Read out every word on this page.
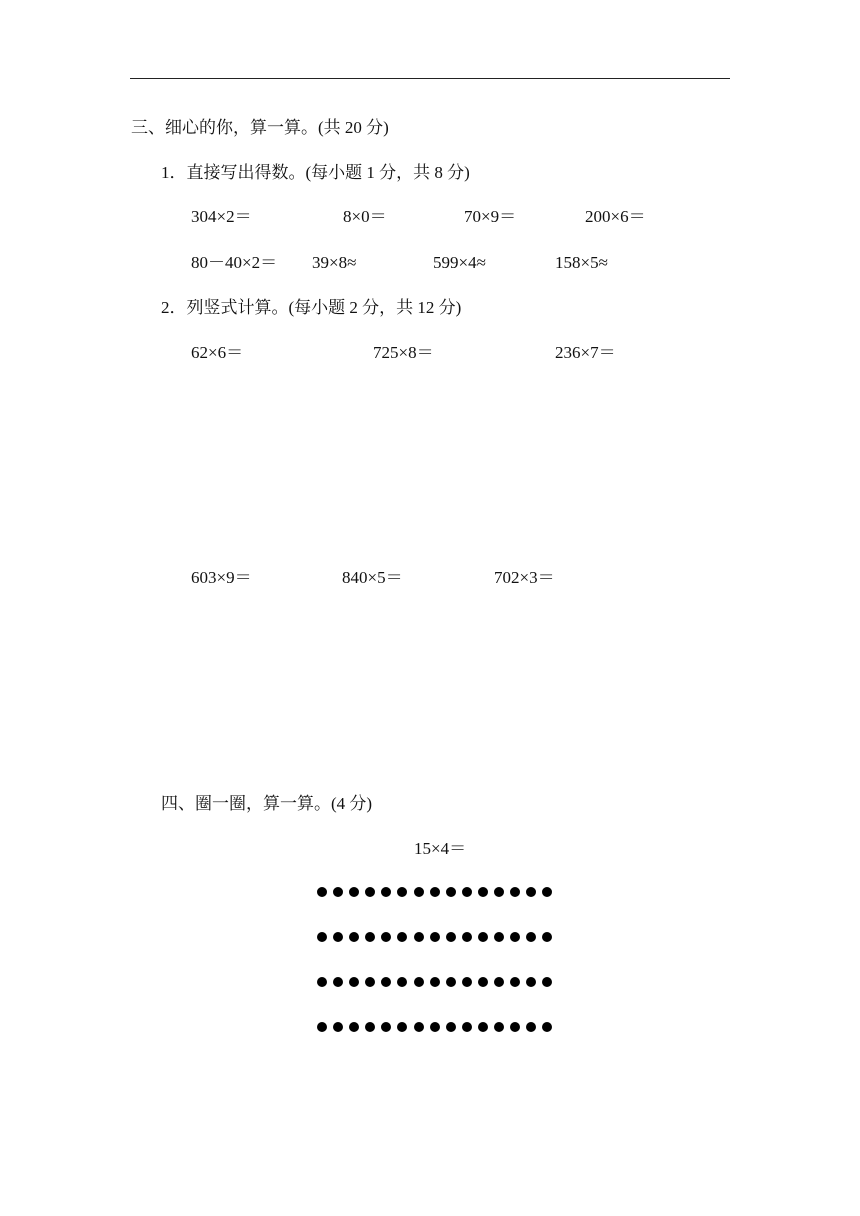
三、细心的你，算一算。(共 20 分)
1．直接写出得数。(每小题 1 分，共 8 分)
304×2＝	8×0＝	70×9＝	200×6＝
80－40×2＝ 39×8≈	599×4≈	158×5≈
2．列竖式计算。(每小题 2 分，共 12 分)
62×6＝	725×8＝	236×7＝
603×9＝	840×5＝	702×3＝
四、圈一圈，算一算。(4 分)
15×4＝
